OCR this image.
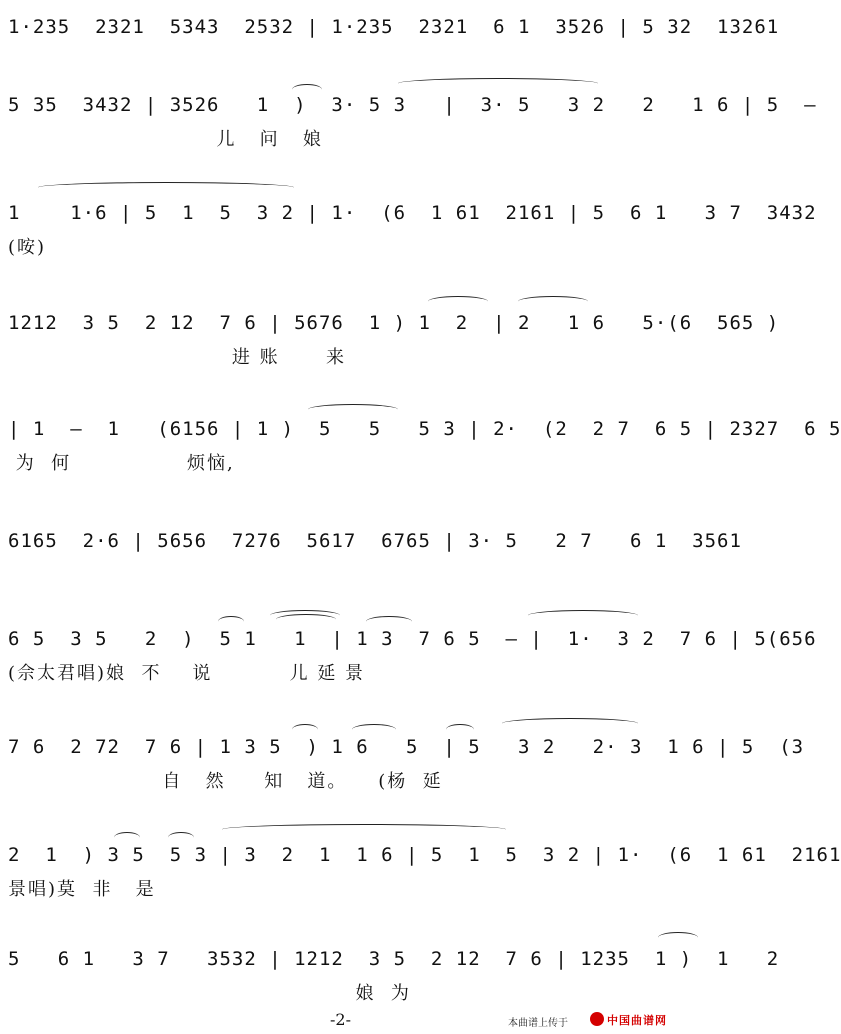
1·235  2321  5343  2532 | 1·235  2321  6 1  3526 | 5 32  13261
5 35  3432 | 3526   1  )  3· 5 3   |  3· 5   3 2   2   1 6 | 5  —
儿   问   娘
1    1·6 | 5  1  5  3 2 | 1·  (6  1 61  2161 | 5  6 1   3 7  3432
(咹)
1212  3 5  2 12  7 6 | 5676  1 ) 1  2  | 2   1 6   5·(6  565 )
进 账      来
| 1  —  1   (6156 | 1 )  5   5   5 3 | 2·  (2  2 7  6 5 | 2327  6 5
为  何               烦恼,
6165  2·6 | 5656  7276  5617  6765 | 3· 5   2 7   6 1  3561
6 5  3 5   2  )  5 1   1  | 1 3  7 6 5  — |  1·  3 2  7 6 | 5(656
(佘太君唱)娘  不    说          儿 延 景
7 6  2 72  7 6 | 1 3 5  ) 1 6   5  | 5   3 2   2· 3  1 6 | 5  (3
自   然     知   道。    (杨  延
2  1  ) 3 5  5 3 | 3  2  1  1 6 | 5  1  5  3 2 | 1·  (6  1 61  2161
景唱)莫  非   是
5   6 1   3 7   3532 | 1212  3 5  2 12  7 6 | 1235  1 )  1   2
娘  为
-2-	本曲谱上传于	中国曲谱网
